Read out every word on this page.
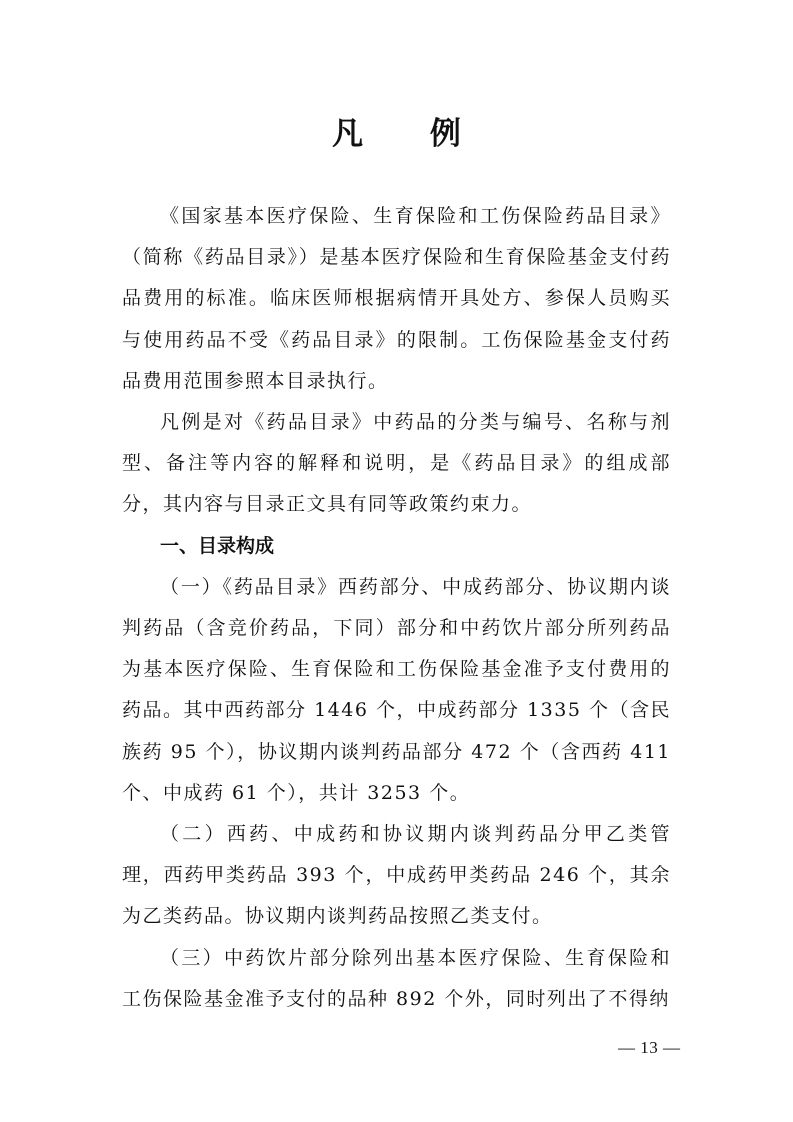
凡 例

《国家基本医疗保险、生育保险和工伤保险药品目录》（简称《药品目录》）是基本医疗保险和生育保险基金支付药品费用的标准。临床医师根据病情开具处方、参保人员购买与使用药品不受《药品目录》的限制。工伤保险基金支付药品费用范围参照本目录执行。

凡例是对《药品目录》中药品的分类与编号、名称与剂型、备注等内容的解释和说明，是《药品目录》的组成部分，其内容与目录正文具有同等政策约束力。

一、目录构成

（一）《药品目录》西药部分、中成药部分、协议期内谈判药品（含竞价药品，下同）部分和中药饮片部分所列药品为基本医疗保险、生育保险和工伤保险基金准予支付费用的药品。其中西药部分 1446 个，中成药部分 1335 个（含民族药 95 个），协议期内谈判药品部分 472 个（含西药 411 个、中成药 61 个），共计 3253 个。

（二）西药、中成药和协议期内谈判药品分甲乙类管理，西药甲类药品 393 个，中成药甲类药品 246 个，其余为乙类药品。协议期内谈判药品按照乙类支付。

（三）中药饮片部分除列出基本医疗保险、生育保险和工伤保险基金准予支付的品种 892 个外，同时列出了不得纳

— 13 —
